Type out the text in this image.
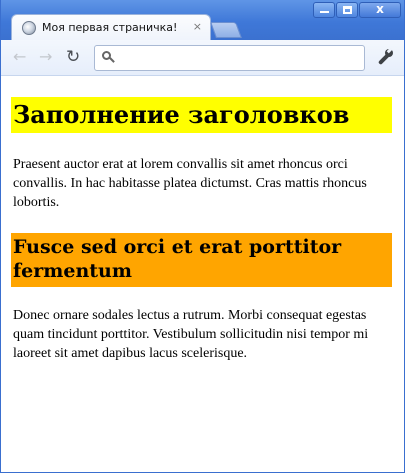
Моя первая страничка! ×
x
← → ↻
Заполнение заголовков
Praesent auctor erat at lorem convallis sit amet rhoncus orci convallis. In hac habitasse platea dictumst. Cras mattis rhoncus lobortis.
Fusce sed orci et erat porttitor fermentum
Donec ornare sodales lectus a rutrum. Morbi consequat egestas quam tincidunt porttitor. Vestibulum sollicitudin nisi tempor mi laoreet sit amet dapibus lacus scelerisque.
